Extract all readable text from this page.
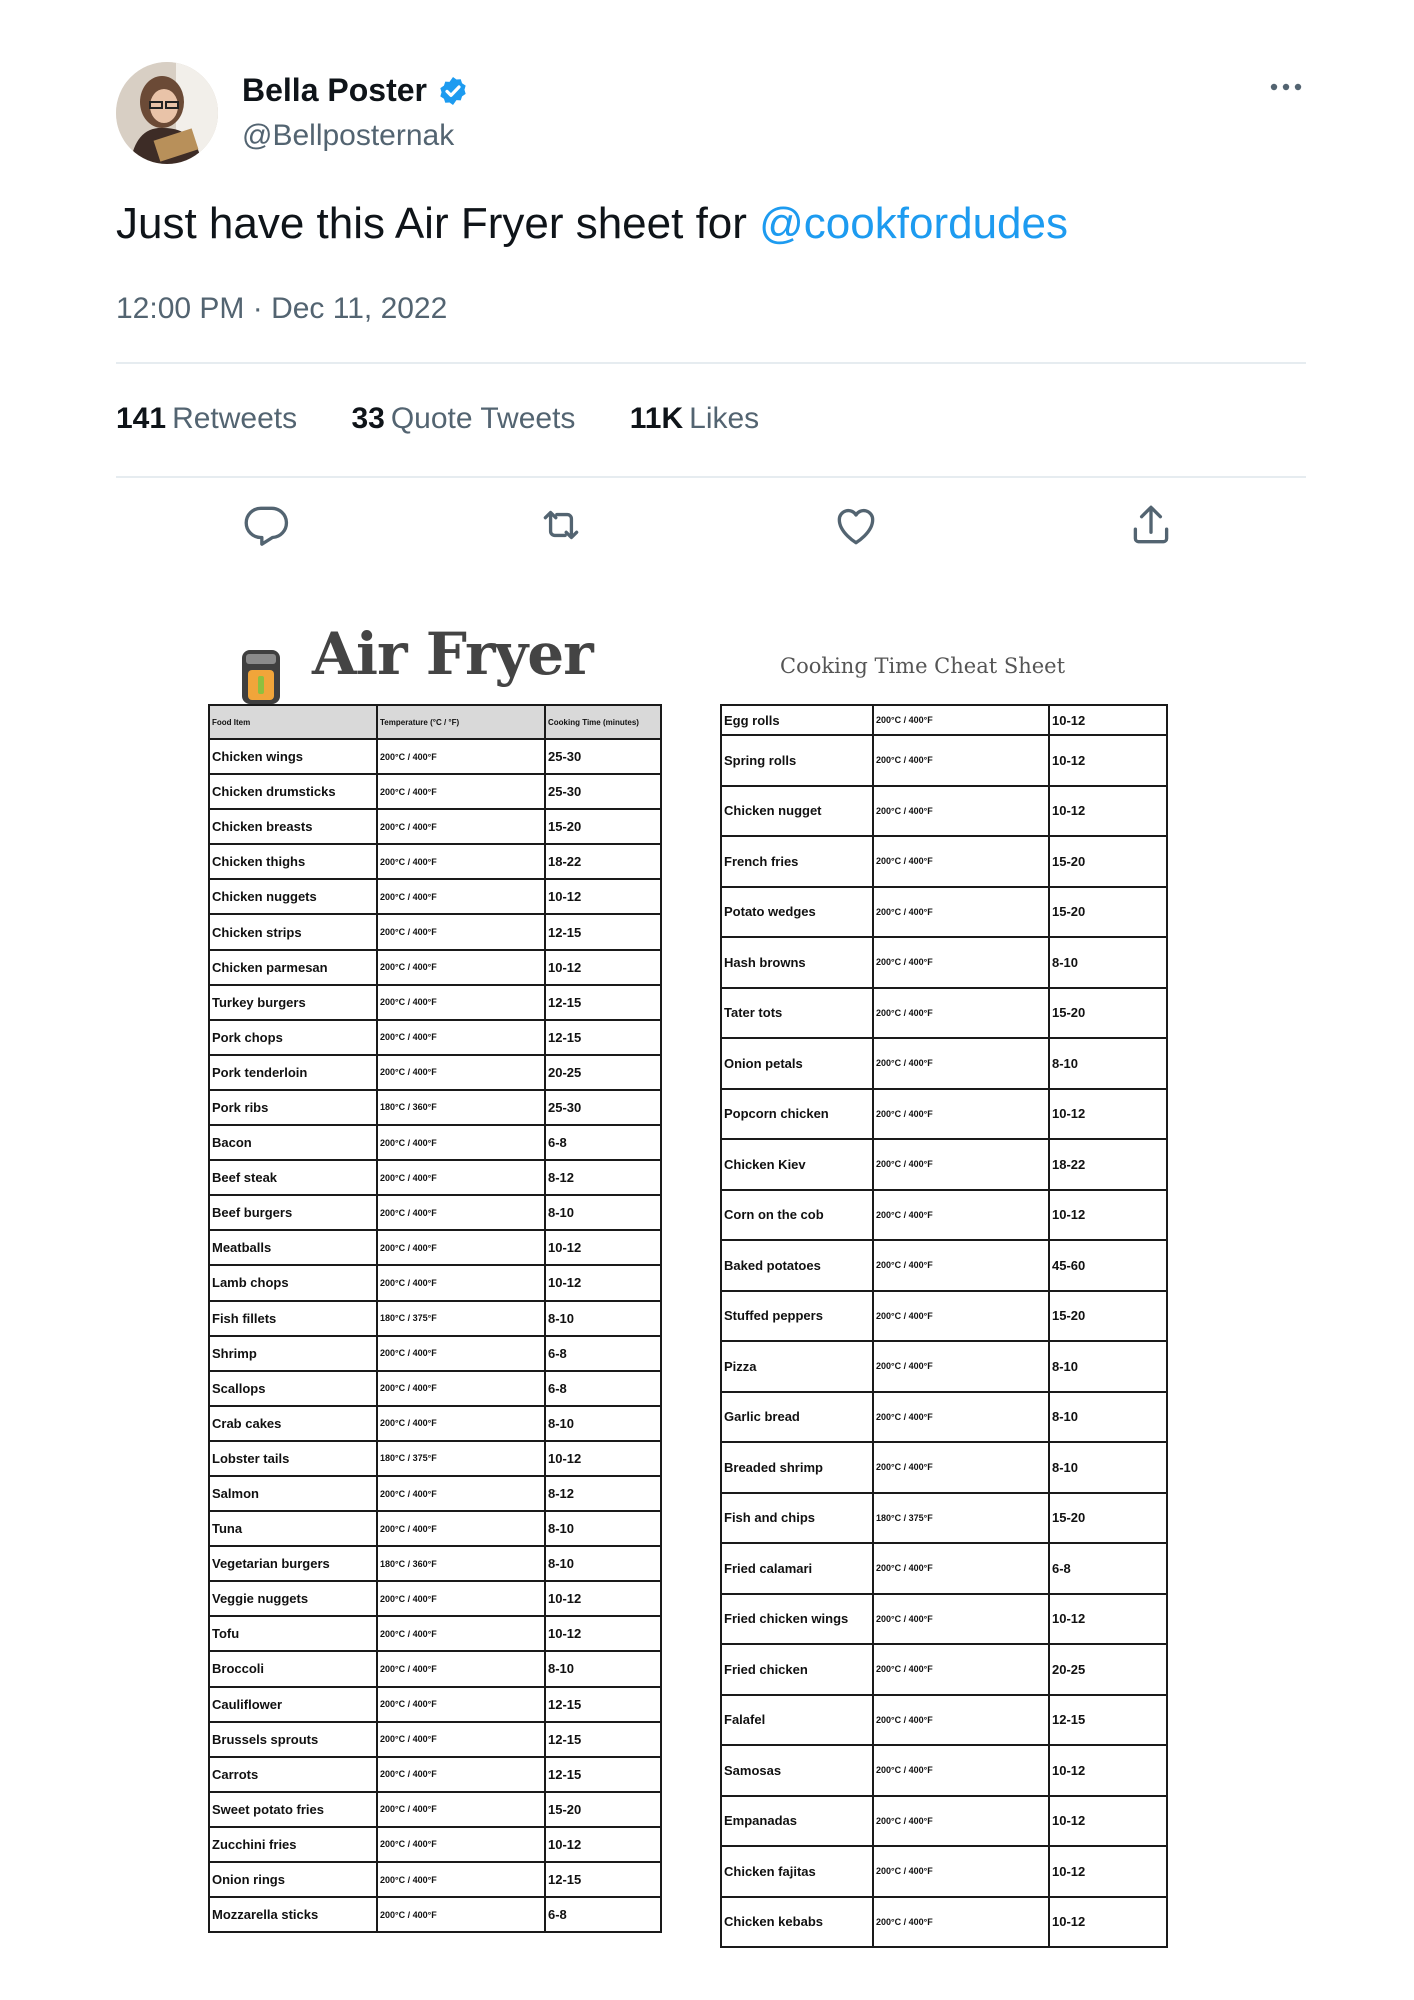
Bella Poster
@Bellposternak
Just have this Air Fryer sheet for @cookfordudes
12:00 PM · Dec 11, 2022
141 Retweets 33 Quote Tweets 11K Likes
Air Fryer	Cooking Time Cheat Sheet
Food Item	Temperature (°C / °F)	Cooking Time (minutes)
Chicken wings	200°C / 400°F	25-30
Chicken drumsticks	200°C / 400°F	25-30
Chicken breasts	200°C / 400°F	15-20
Chicken thighs	200°C / 400°F	18-22
Chicken nuggets	200°C / 400°F	10-12
Chicken strips	200°C / 400°F	12-15
Chicken parmesan	200°C / 400°F	10-12
Turkey burgers	200°C / 400°F	12-15
Pork chops	200°C / 400°F	12-15
Pork tenderloin	200°C / 400°F	20-25
Pork ribs	180°C / 360°F	25-30
Bacon	200°C / 400°F	6-8
Beef steak	200°C / 400°F	8-12
Beef burgers	200°C / 400°F	8-10
Meatballs	200°C / 400°F	10-12
Lamb chops	200°C / 400°F	10-12
Fish fillets	180°C / 375°F	8-10
Shrimp	200°C / 400°F	6-8
Scallops	200°C / 400°F	6-8
Crab cakes	200°C / 400°F	8-10
Lobster tails	180°C / 375°F	10-12
Salmon	200°C / 400°F	8-12
Tuna	200°C / 400°F	8-10
Vegetarian burgers	180°C / 360°F	8-10
Veggie nuggets	200°C / 400°F	10-12
Tofu	200°C / 400°F	10-12
Broccoli	200°C / 400°F	8-10
Cauliflower	200°C / 400°F	12-15
Brussels sprouts	200°C / 400°F	12-15
Carrots	200°C / 400°F	12-15
Sweet potato fries	200°C / 400°F	15-20
Zucchini fries	200°C / 400°F	10-12
Onion rings	200°C / 400°F	12-15
Mozzarella sticks	200°C / 400°F	6-8
Egg rolls	200°C / 400°F	10-12
Spring rolls	200°C / 400°F	10-12
Chicken nugget	200°C / 400°F	10-12
French fries	200°C / 400°F	15-20
Potato wedges	200°C / 400°F	15-20
Hash browns	200°C / 400°F	8-10
Tater tots	200°C / 400°F	15-20
Onion petals	200°C / 400°F	8-10
Popcorn chicken	200°C / 400°F	10-12
Chicken Kiev	200°C / 400°F	18-22
Corn on the cob	200°C / 400°F	10-12
Baked potatoes	200°C / 400°F	45-60
Stuffed peppers	200°C / 400°F	15-20
Pizza	200°C / 400°F	8-10
Garlic bread	200°C / 400°F	8-10
Breaded shrimp	200°C / 400°F	8-10
Fish and chips	180°C / 375°F	15-20
Fried calamari	200°C / 400°F	6-8
Fried chicken wings	200°C / 400°F	10-12
Fried chicken	200°C / 400°F	20-25
Falafel	200°C / 400°F	12-15
Samosas	200°C / 400°F	10-12
Empanadas	200°C / 400°F	10-12
Chicken fajitas	200°C / 400°F	10-12
Chicken kebabs	200°C / 400°F	10-12
